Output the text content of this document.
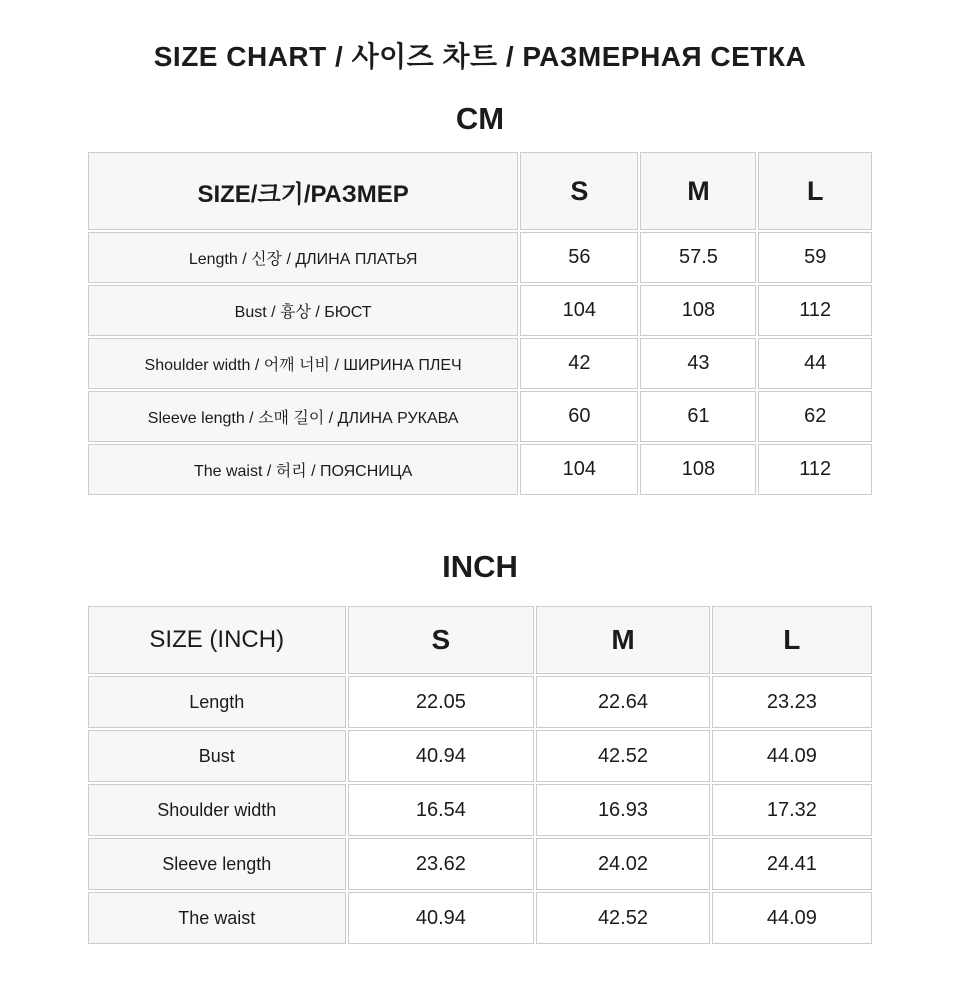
SIZE CHART / 사이즈 차트 / РАЗМЕРНАЯ СЕТКА
CM
SIZE/크기/РАЗМЕР	S	M	L
Length / 신장 / ДЛИНА ПЛАТЬЯ	56	57.5	59
Bust / 흉상 / БЮСТ	104	108	112
Shoulder width / 어깨 너비 / ШИРИНА ПЛЕЧ	42	43	44
Sleeve length / 소매 길이 / ДЛИНА РУКАВА	60	61	62
The waist / 허리 / ПОЯСНИЦА	104	108	112
INCH
SIZE (INCH)	S	M	L
Length	22.05	22.64	23.23
Bust	40.94	42.52	44.09
Shoulder width	16.54	16.93	17.32
Sleeve length	23.62	24.02	24.41
The waist	40.94	42.52	44.09
